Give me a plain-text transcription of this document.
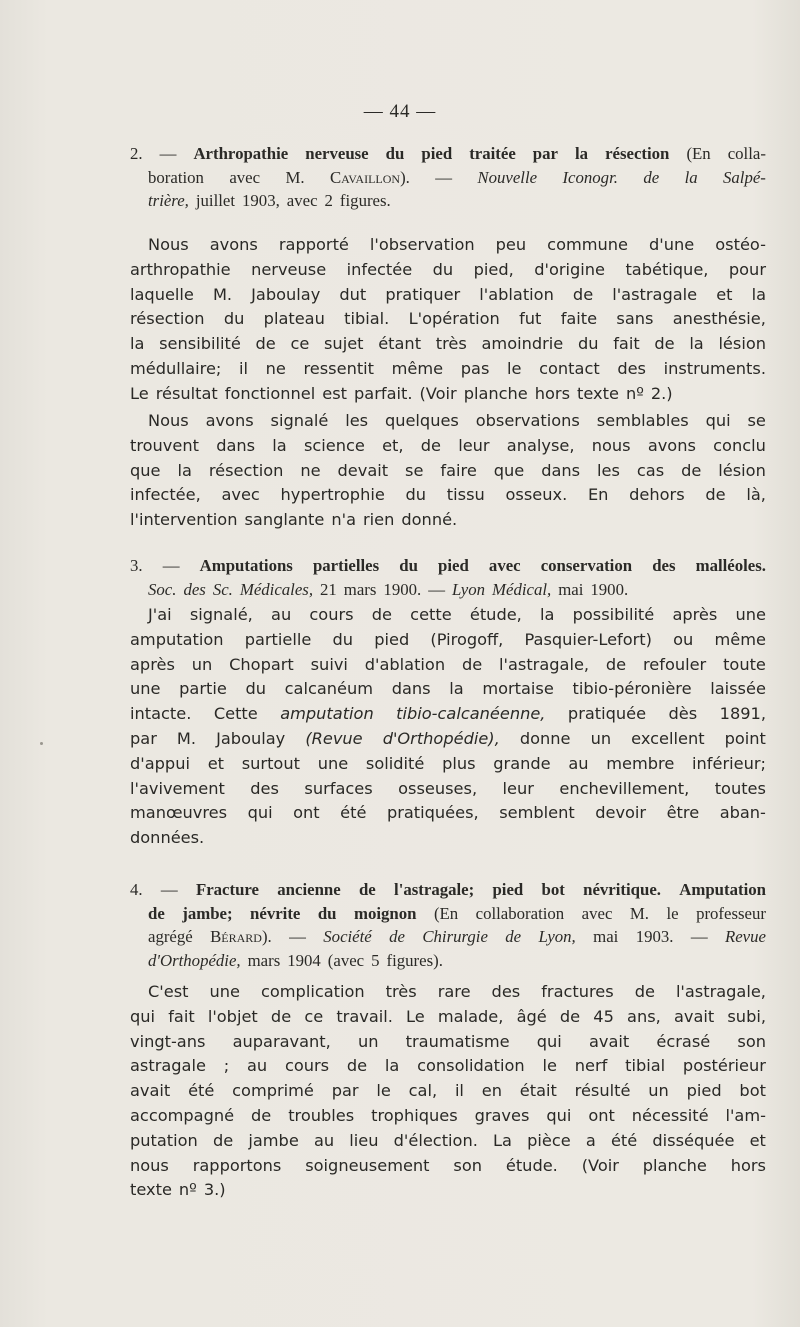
— 44 —
2. — Arthropathie nerveuse du pied traitée par la résection (En colla-
boration avec M. Cavaillon). — Nouvelle Iconogr. de la Salpé-
trière, juillet 1903, avec 2 figures.
Nous avons rapporté l'observation peu commune d'une ostéo-
arthropathie nerveuse infectée du pied, d'origine tabétique, pour
laquelle M. Jaboulay dut pratiquer l'ablation de l'astragale et la
résection du plateau tibial. L'opération fut faite sans anesthésie,
la sensibilité de ce sujet étant très amoindrie du fait de la lésion
médullaire; il ne ressentit même pas le contact des instruments.
Le résultat fonctionnel est parfait. (Voir planche hors texte nº 2.)
Nous avons signalé les quelques observations semblables qui se
trouvent dans la science et, de leur analyse, nous avons conclu
que la résection ne devait se faire que dans les cas de lésion
infectée, avec hypertrophie du tissu osseux. En dehors de là,
l'intervention sanglante n'a rien donné.
3. — Amputations partielles du pied avec conservation des malléoles.
Soc. des Sc. Médicales, 21 mars 1900. — Lyon Médical, mai 1900.
J'ai signalé, au cours de cette étude, la possibilité après une
amputation partielle du pied (Pirogoff, Pasquier-Lefort) ou même
après un Chopart suivi d'ablation de l'astragale, de refouler toute
une partie du calcanéum dans la mortaise tibio-péronière laissée
intacte. Cette amputation tibio-calcanéenne, pratiquée dès 1891,
par M. Jaboulay (Revue d'Orthopédie), donne un excellent point
d'appui et surtout une solidité plus grande au membre inférieur;
l'avivement des surfaces osseuses, leur enchevillement, toutes
manœuvres qui ont été pratiquées, semblent devoir être aban-
données.
4. — Fracture ancienne de l'astragale; pied bot névritique. Amputation
de jambe; névrite du moignon (En collaboration avec M. le professeur
agrégé Bérard). — Société de Chirurgie de Lyon, mai 1903. — Revue
d'Orthopédie, mars 1904 (avec 5 figures).
C'est une complication très rare des fractures de l'astragale,
qui fait l'objet de ce travail. Le malade, âgé de 45 ans, avait subi,
vingt-ans auparavant, un traumatisme qui avait écrasé son
astragale ; au cours de la consolidation le nerf tibial postérieur
avait été comprimé par le cal, il en était résulté un pied bot
accompagné de troubles trophiques graves qui ont nécessité l'am-
putation de jambe au lieu d'élection. La pièce a été disséquée et
nous rapportons soigneusement son étude. (Voir planche hors
texte nº 3.)
